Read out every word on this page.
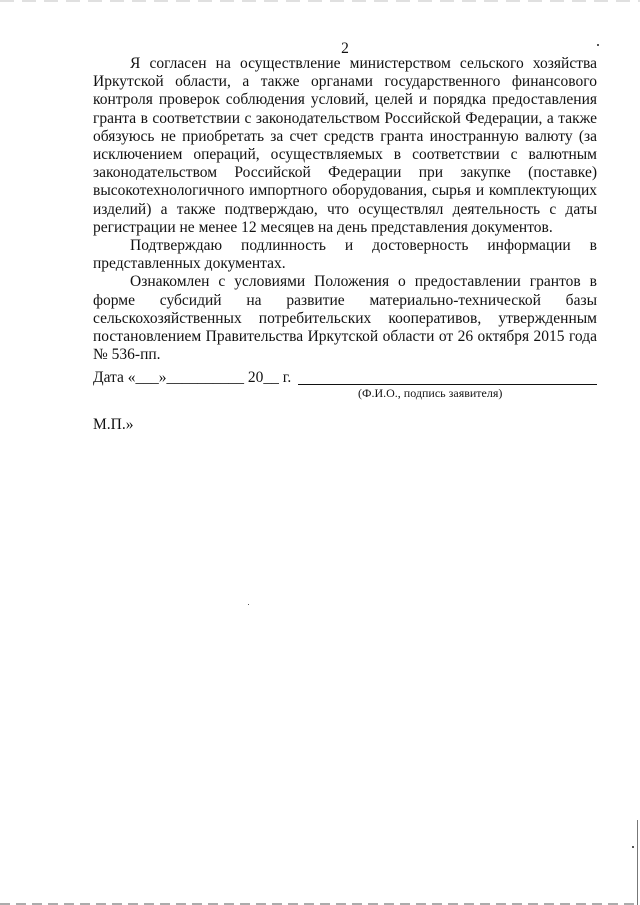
2

Я согласен на осуществление министерством сельского хозяйства Иркутской области, а также органами государственного финансового контроля проверок соблюдения условий, целей и порядка предоставления гранта в соответствии с законодательством Российской Федерации, а также обязуюсь не приобретать за счет средств гранта иностранную валюту (за исключением операций, осуществляемых в соответствии с валютным законодательством Российской Федерации при закупке (поставке) высокотехнологичного импортного оборудования, сырья и комплектующих изделий) а также подтверждаю, что осуществлял деятельность с даты регистрации не менее 12 месяцев на день представления документов.

Подтверждаю подлинность и достоверность информации в представленных документах.

Ознакомлен с условиями Положения о предоставлении грантов в форме субсидий на развитие материально-технической базы сельскохозяйственных потребительских кооперативов, утвержденным постановлением Правительства Иркутской области от 26 октября 2015 года № 536-пп.

Дата «___»__________ 20__ г.
(Ф.И.О., подпись заявителя)
М.П.»
